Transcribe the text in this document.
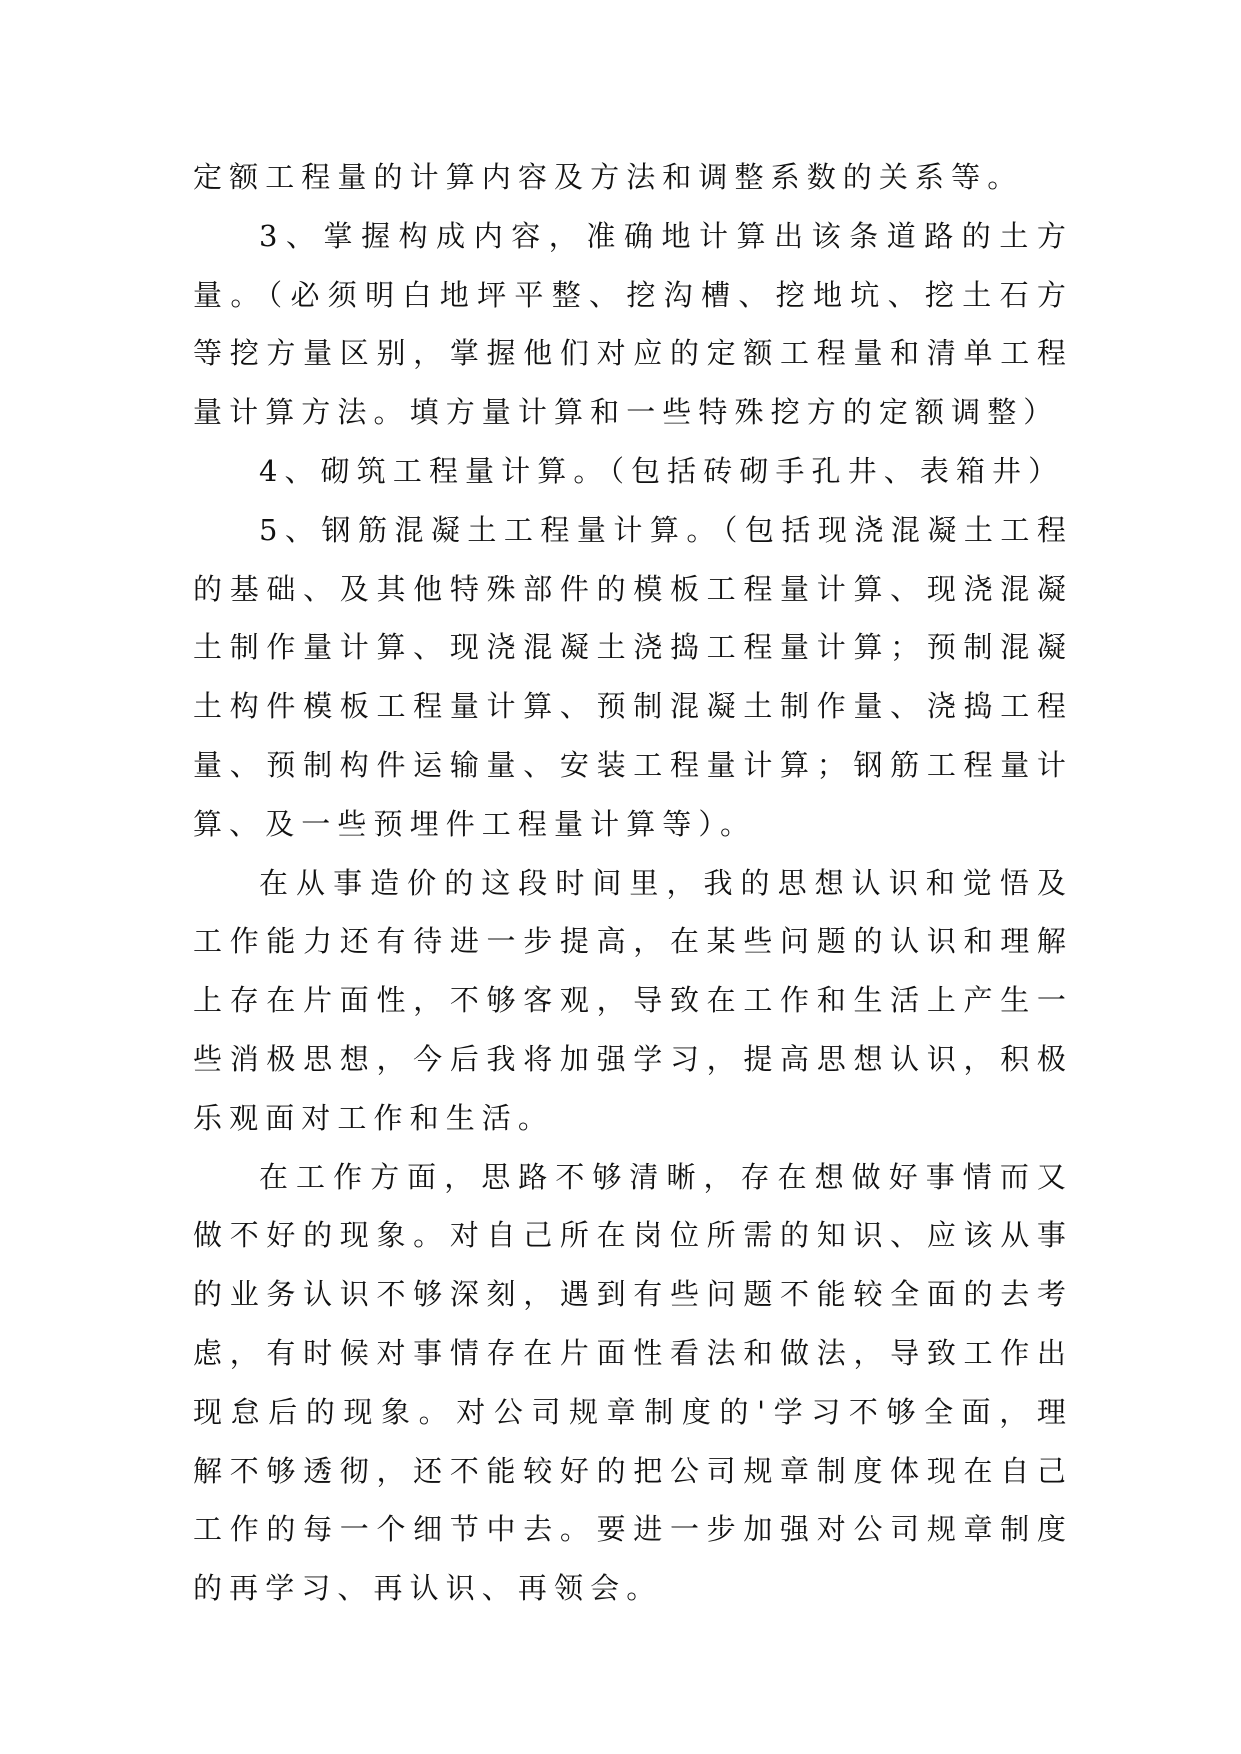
定额工程量的计算内容及方法和调整系数的关系等。

3、掌握构成内容，准确地计算出该条道路的土方量。（必须明白地坪平整、挖沟槽、挖地坑、挖土石方等挖方量区别，掌握他们对应的定额工程量和清单工程量计算方法。填方量计算和一些特殊挖方的定额调整）

4、砌筑工程量计算。（包括砖砌手孔井、表箱井）

5、钢筋混凝土工程量计算。（包括现浇混凝土工程的基础、及其他特殊部件的模板工程量计算、现浇混凝土制作量计算、现浇混凝土浇捣工程量计算；预制混凝土构件模板工程量计算、预制混凝土制作量、浇捣工程量、预制构件运输量、安装工程量计算；钢筋工程量计算、及一些预埋件工程量计算等）。

在从事造价的这段时间里，我的思想认识和觉悟及工作能力还有待进一步提高，在某些问题的认识和理解上存在片面性，不够客观，导致在工作和生活上产生一些消极思想，今后我将加强学习，提高思想认识，积极乐观面对工作和生活。

在工作方面，思路不够清晰，存在想做好事情而又做不好的现象。对自己所在岗位所需的知识、应该从事的业务认识不够深刻，遇到有些问题不能较全面的去考虑，有时候对事情存在片面性看法和做法，导致工作出现怠后的现象。对公司规章制度的'学习不够全面，理解不够透彻，还不能较好的把公司规章制度体现在自己工作的每一个细节中去。要进一步加强对公司规章制度的再学习、再认识、再领会。
